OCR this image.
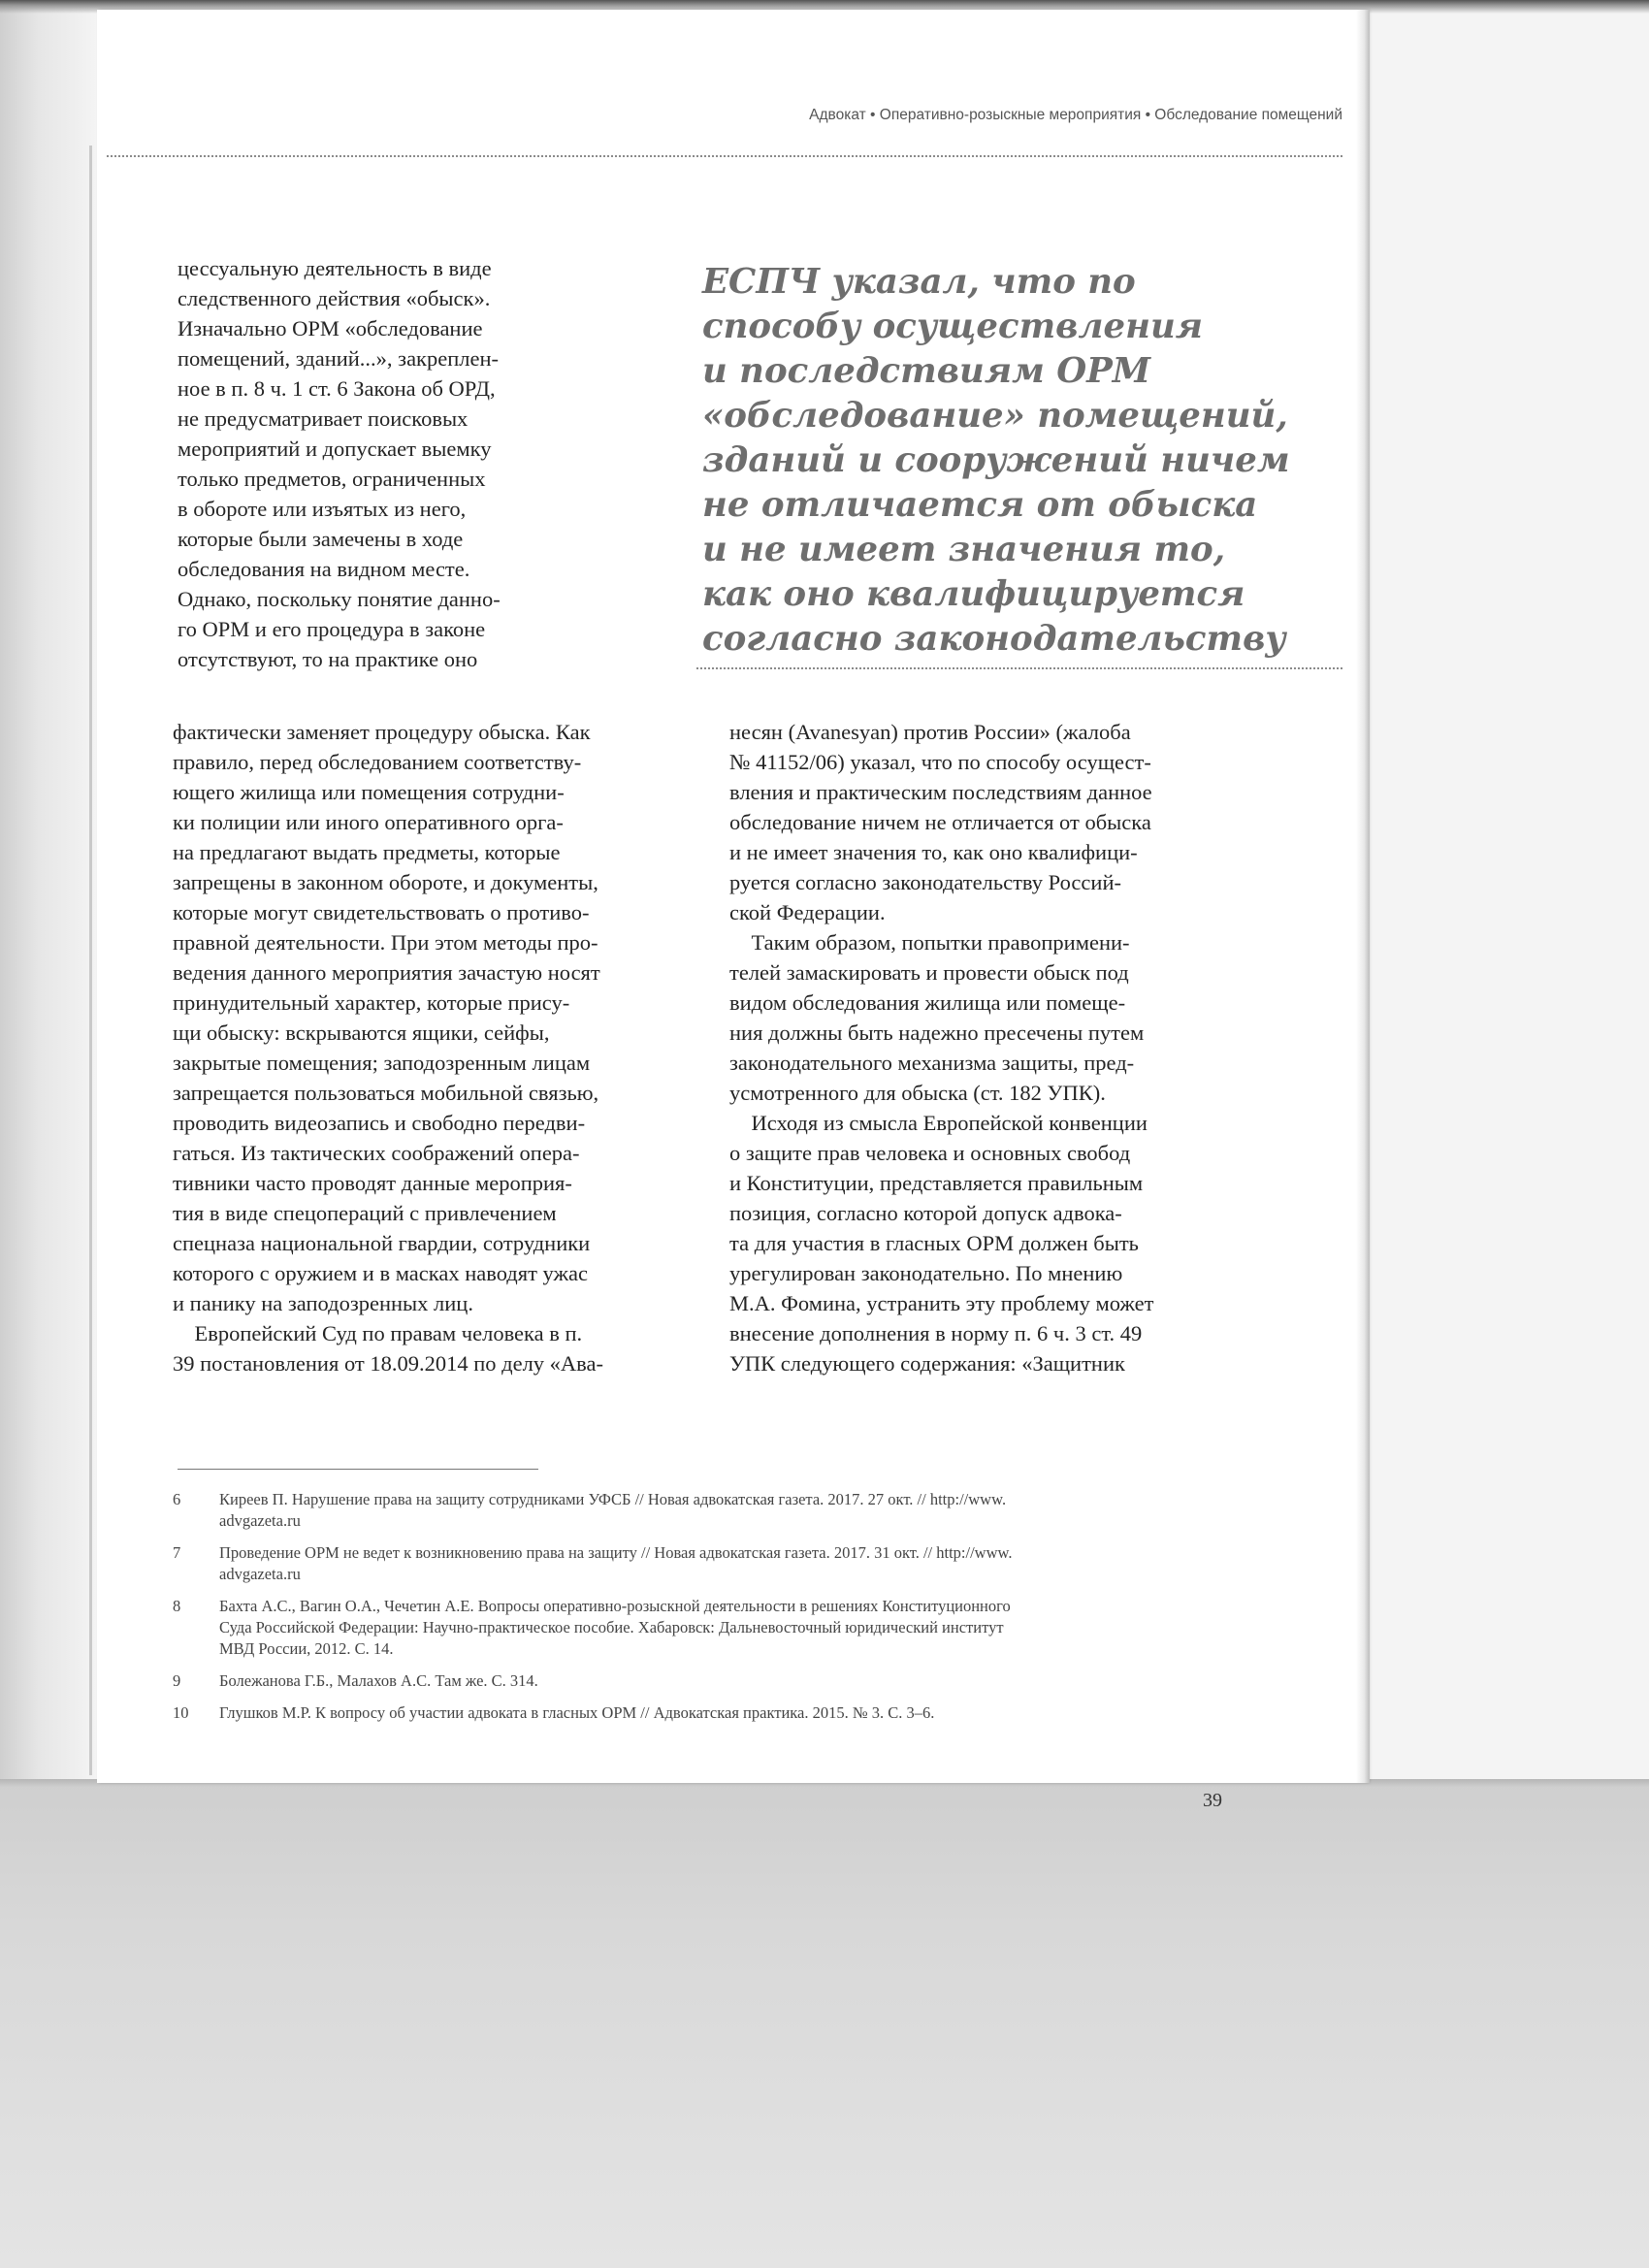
Адвокат • Оперативно-розыскные мероприятия • Обследование помещений
ЕСПЧ указал, что по
способу осуществления
и последствиям ОРМ
«обследование» помещений,
зданий и сооружений ничем
не отличается от обыска
и не имеет значения то,
как оно квалифицируется
согласно законодательству
цессуальную деятельность в виде
следственного действия «обыск».
Изначально ОРМ «обследование
помещений, зданий...», закреплен-
ное в п. 8 ч. 1 ст. 6 Закона об ОРД,
не предусматривает поисковых
мероприятий и допускает выемку
только предметов, ограниченных
в обороте или изъятых из него,
которые были замечены в ходе
обследования на видном месте.
Однако, поскольку понятие данно-
го ОРМ и его процедура в законе
отсутствуют, то на практике оно
фактически заменяет процедуру обыска. Как
правило, перед обследованием соответству-
ющего жилища или помещения сотрудни-
ки полиции или иного оперативного орга-
на предлагают выдать предметы, которые
запрещены в законном обороте, и документы,
которые могут свидетельствовать о противо-
правной деятельности. При этом методы про-
ведения данного мероприятия зачастую носят
принудительный характер, которые прису-
щи обыску: вскрываются ящики, сейфы,
закрытые помещения; заподозренным лицам
запрещается пользоваться мобильной связью,
проводить видеозапись и свободно передви-
гаться. Из тактических соображений опера-
тивники часто проводят данные мероприя-
тия в виде спецопераций с привлечением
спецназа национальной гвардии, сотрудники
которого с оружием и в масках наводят ужас
и панику на заподозренных лиц.
Европейский Суд по правам человека в п.
39 постановления от 18.09.2014 по делу «Ава-
несян (Avanesyan) против России» (жалоба
№ 41152/06) указал, что по способу осущест-
вления и практическим последствиям данное
обследование ничем не отличается от обыска
и не имеет значения то, как оно квалифици-
руется согласно законодательству Россий-
ской Федерации.
Таким образом, попытки правопримени-
телей замаскировать и провести обыск под
видом обследования жилища или помеще-
ния должны быть надежно пресечены путем
законодательного механизма защиты, пред-
усмотренного для обыска (ст. 182 УПК).
Исходя из смысла Европейской конвенции
о защите прав человека и основных свобод
и Конституции, представляется правильным
позиция, согласно которой допуск адвока-
та для участия в гласных ОРМ должен быть
урегулирован законодательно. По мнению
М.А. Фомина, устранить эту проблему может
внесение дополнения в норму п. 6 ч. 3 ст. 49
УПК следующего содержания: «Защитник
6	Киреев П. Нарушение права на защиту сотрудниками УФСБ // Новая адвокатская газета. 2017. 27 окт. // http://www.
advgazeta.ru
7	Проведение ОРМ не ведет к возникновению права на защиту // Новая адвокатская газета. 2017. 31 окт. // http://www.
advgazeta.ru
8	Бахта А.С., Вагин О.А., Чечетин А.Е. Вопросы оперативно-розыскной деятельности в решениях Конституционного
Суда Российской Федерации: Научно-практическое пособие. Хабаровск: Дальневосточный юридический институт
МВД России, 2012. С. 14.
9	Болежанова Г.Б., Малахов А.С. Там же. С. 314.
10	Глушков М.Р. К вопросу об участии адвоката в гласных ОРМ // Адвокатская практика. 2015. № 3. С. 3–6.
39
